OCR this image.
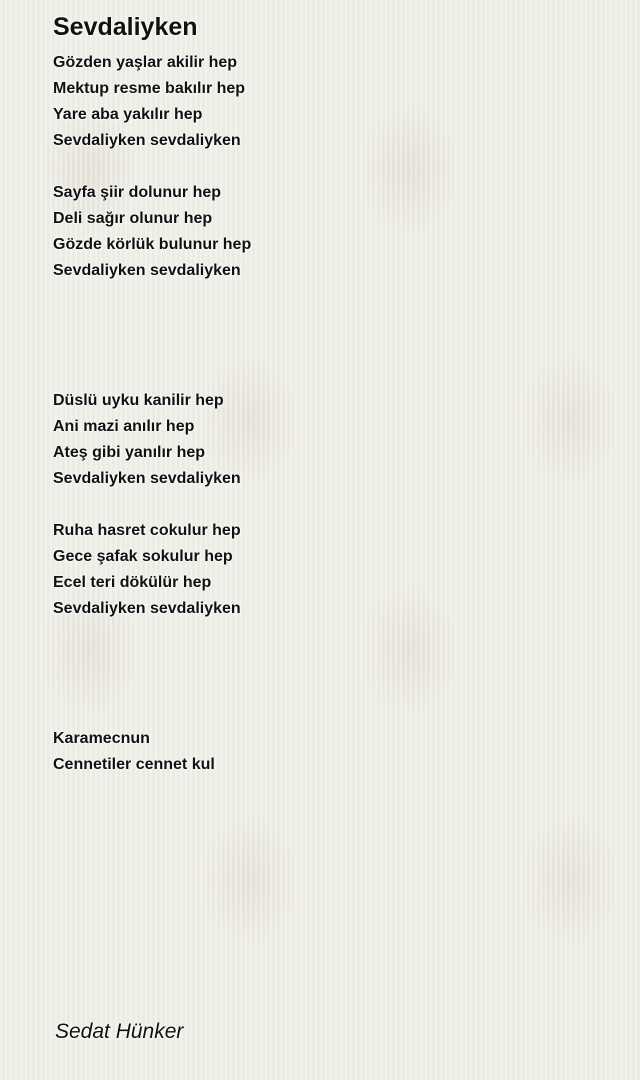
Sevdaliyken
Gözden yaşlar akilir hep
Mektup resme bakılır hep
Yare aba yakılır hep
Sevdaliyken sevdaliyken
Sayfa şiir dolunur hep
Deli sağır olunur hep
Gözde körlük bulunur hep
Sevdaliyken sevdaliyken
Düslü uyku kanilir hep
Ani mazi anılır hep
Ateş gibi yanılır hep
Sevdaliyken sevdaliyken
Ruha hasret cokulur hep
Gece şafak sokulur hep
Ecel teri dökülür hep
Sevdaliyken sevdaliyken
Karamecnun
Cennetiler cennet kul
Sedat Hünker
